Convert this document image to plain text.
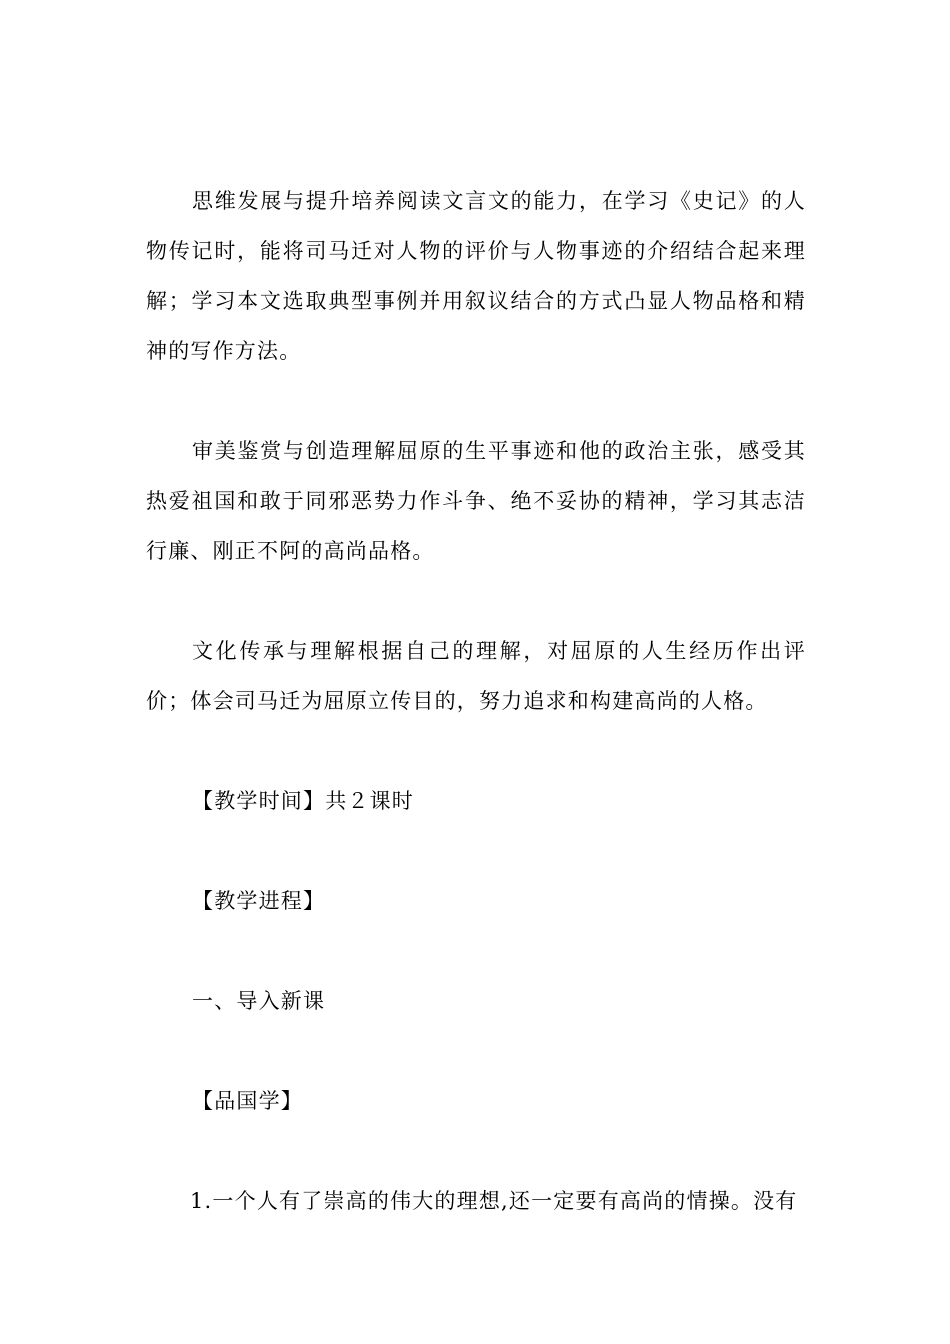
思维发展与提升培养阅读文言文的能力，在学习《史记》的人物传记时，能将司马迁对人物的评价与人物事迹的介绍结合起来理解；学习本文选取典型事例并用叙议结合的方式凸显人物品格和精神的写作方法。

审美鉴赏与创造理解屈原的生平事迹和他的政治主张，感受其热爱祖国和敢于同邪恶势力作斗争、绝不妥协的精神，学习其志洁行廉、刚正不阿的高尚品格。

文化传承与理解根据自己的理解，对屈原的人生经历作出评价；体会司马迁为屈原立传目的，努力追求和构建高尚的人格。

【教学时间】共２课时

【教学进程】

一、导入新课

【品国学】

1.一个人有了崇高的伟大的理想,还一定要有高尚的情操。没有
